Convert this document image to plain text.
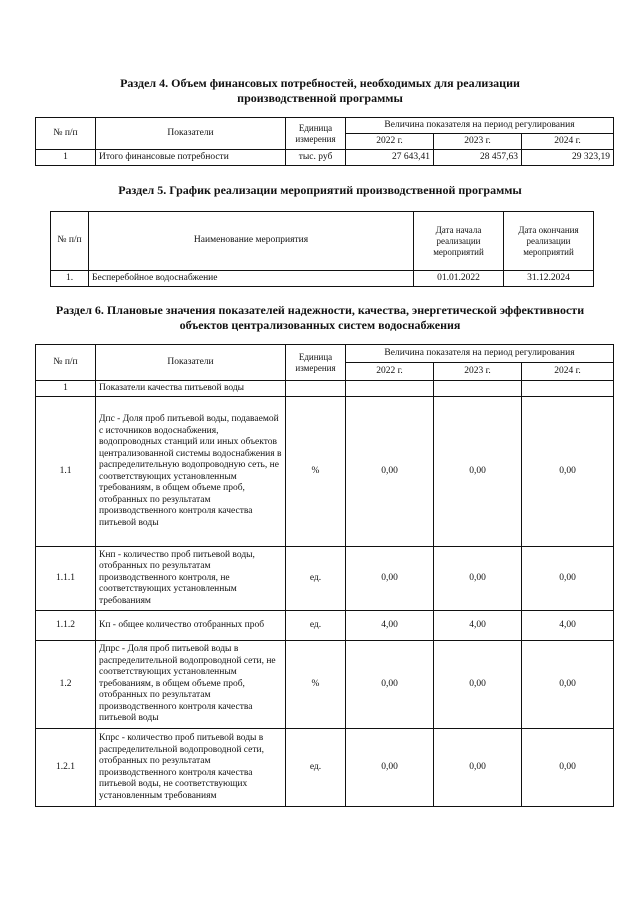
Раздел 4. Объем финансовых потребностей, необходимых для реализации

производственной программы

№ п/п	Показатели	Единица измерения	Величина показателя на период регулирования		
			2022 г.	2023 г.	2024 г.
1	Итого финансовые потребности	тыс. руб	27 643,41	28 457,63	29 323,19

Раздел 5. График реализации мероприятий производственной программы

№ п/п	Наименование мероприятия	Дата начала реализации мероприятий	Дата окончания реализации мероприятий
1.	Бесперебойное водоснабжение	01.01.2022	31.12.2024

Раздел 6. Плановые значения показателей надежности, качества, энергетической эффективности

объектов централизованных систем водоснабжения

№ п/п	Показатели	Единица измерения	Величина показателя на период регулирования		
			2022 г.	2023 г.	2024 г.
1	Показатели качества питьевой воды				
1.1	Дпс - Доля проб питьевой воды, подаваемой с источников водоснабжения, водопроводных станций или иных объектов централизованной системы водоснабжения в распределительную водопроводную сеть, не соответствующих установленным требованиям, в общем объеме проб, отобранных по результатам производственного контроля качества питьевой воды	%	0,00	0,00	0,00
1.1.1	Кнп - количество проб питьевой воды, отобранных по результатам производственного контроля, не соответствующих установленным требованиям	ед.	0,00	0,00	0,00
1.1.2	Кп - общее количество отобранных проб	ед.	4,00	4,00	4,00
1.2	Дпрс - Доля проб питьевой воды в распределительной водопроводной сети, не соответствующих установленным требованиям, в общем объеме проб, отобранных по результатам производственного контроля качества питьевой воды	%	0,00	0,00	0,00
1.2.1	Кпрс - количество проб питьевой воды в распределительной водопроводной сети, отобранных по результатам производственного контроля качества питьевой воды, не соответствующих установленным требованиям	ед.	0,00	0,00	0,00
